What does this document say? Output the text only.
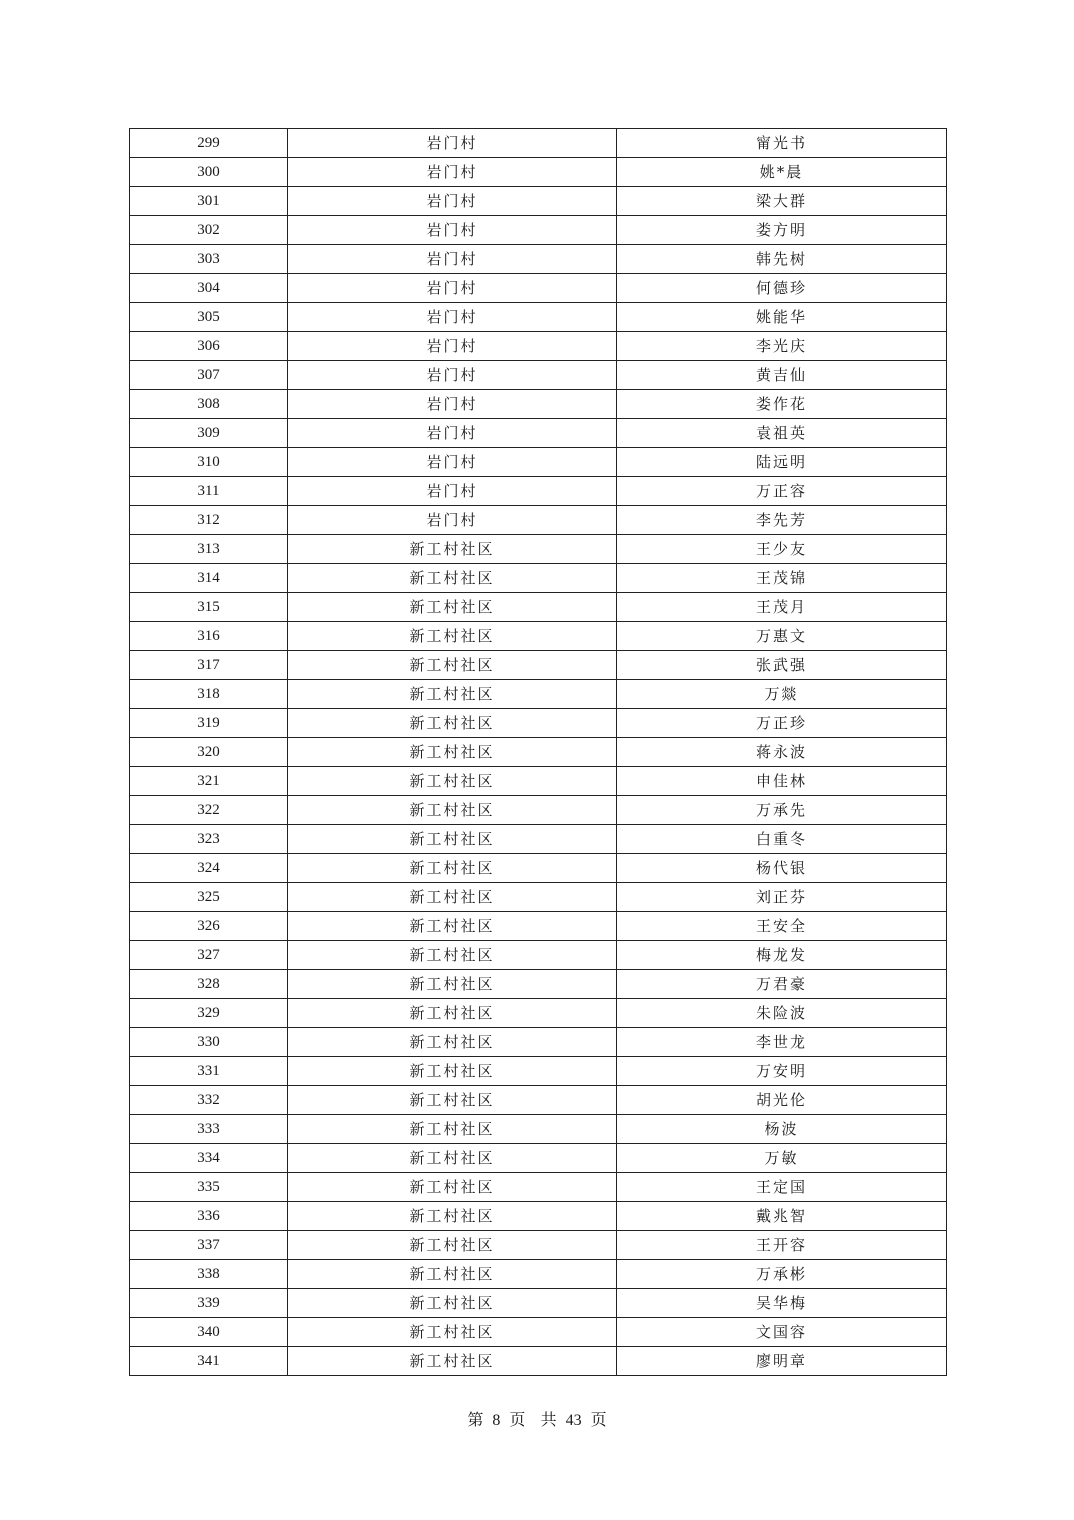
299	岩门村	甯光书
300	岩门村	姚*晨
301	岩门村	梁大群
302	岩门村	娄方明
303	岩门村	韩先树
304	岩门村	何德珍
305	岩门村	姚能华
306	岩门村	李光庆
307	岩门村	黄吉仙
308	岩门村	娄作花
309	岩门村	袁祖英
310	岩门村	陆远明
311	岩门村	万正容
312	岩门村	李先芳
313	新工村社区	王少友
314	新工村社区	王茂锦
315	新工村社区	王茂月
316	新工村社区	万惠文
317	新工村社区	张武强
318	新工村社区	万燚
319	新工村社区	万正珍
320	新工村社区	蒋永波
321	新工村社区	申佳林
322	新工村社区	万承先
323	新工村社区	白重冬
324	新工村社区	杨代银
325	新工村社区	刘正芬
326	新工村社区	王安全
327	新工村社区	梅龙发
328	新工村社区	万君豪
329	新工村社区	朱险波
330	新工村社区	李世龙
331	新工村社区	万安明
332	新工村社区	胡光伦
333	新工村社区	杨波
334	新工村社区	万敏
335	新工村社区	王定国
336	新工村社区	戴兆智
337	新工村社区	王开容
338	新工村社区	万承彬
339	新工村社区	吴华梅
340	新工村社区	文国容
341	新工村社区	廖明章
第 8 页 共 43 页
